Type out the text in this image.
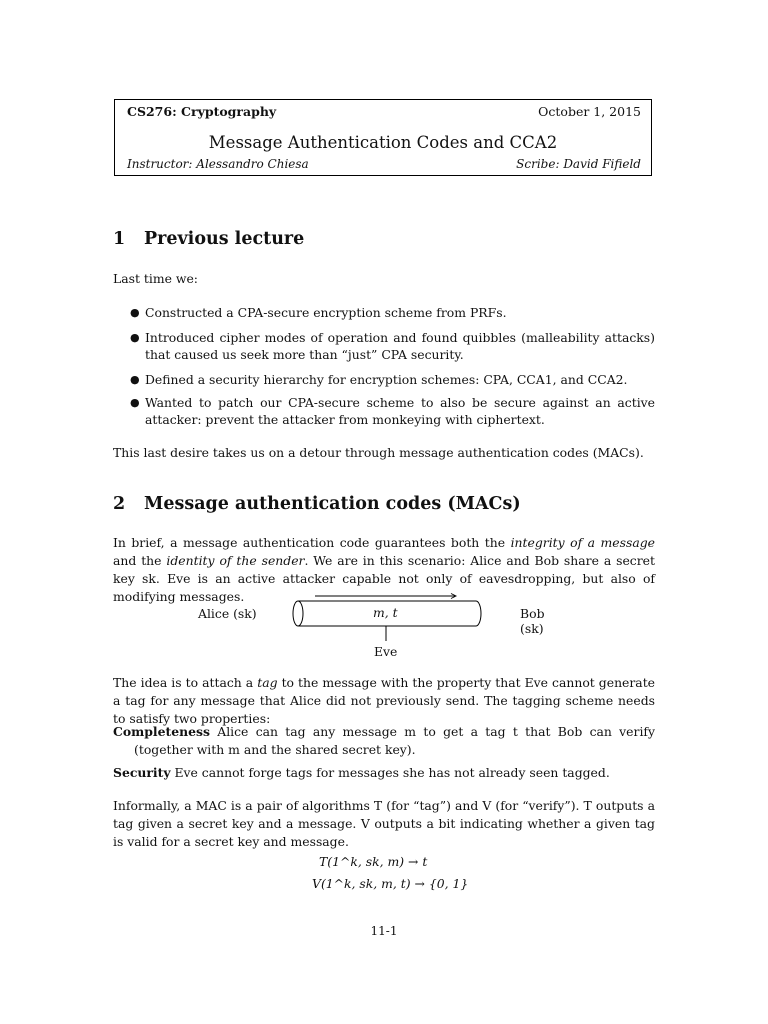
CS276: Cryptography	October 1, 2015
Message Authentication Codes and CCA2
Instructor: Alessandro Chiesa	Scribe: David Fifield
1 Previous lecture
Last time we:
● Constructed a CPA-secure encryption scheme from PRFs.
● Introduced cipher modes of operation and found quibbles (malleability attacks) that caused us seek more than “just” CPA security.
● Defined a security hierarchy for encryption schemes: CPA, CCA1, and CCA2.
● Wanted to patch our CPA-secure scheme to also be secure against an active attacker: prevent the attacker from monkeying with ciphertext.
This last desire takes us on a detour through message authentication codes (MACs).
2 Message authentication codes (MACs)
In brief, a message authentication code guarantees both the integrity of a message and the identity of the sender. We are in this scenario: Alice and Bob share a secret key sk. Eve is an active attacker capable not only of eavesdropping, but also of modifying messages.
Alice (sk)	m, t	Bob (sk)
Eve
The idea is to attach a tag to the message with the property that Eve cannot generate a tag for any message that Alice did not previously send. The tagging scheme needs to satisfy two properties:
Completeness Alice can tag any message m to get a tag t that Bob can verify (together with m and the shared secret key).
Security Eve cannot forge tags for messages she has not already seen tagged.
Informally, a MAC is a pair of algorithms T (for “tag”) and V (for “verify”). T outputs a tag given a secret key and a message. V outputs a bit indicating whether a given tag is valid for a secret key and message.
T(1^k, sk, m) → t
V(1^k, sk, m, t) → {0, 1}
11-1
